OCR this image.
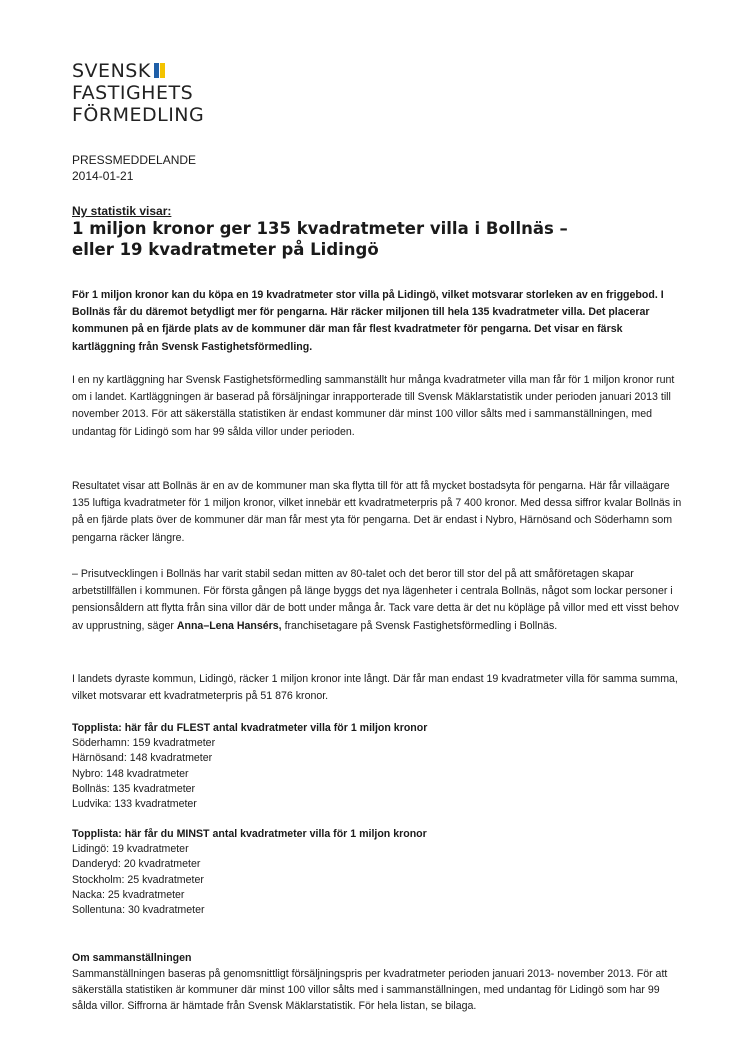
SVENSK
FASTIGHETS
FÖRMEDLING
PRESSMEDDELANDE
2014-01-21
Ny statistik visar:
1 miljon kronor ger 135 kvadratmeter villa i Bollnäs –
eller 19 kvadratmeter på Lidingö

För 1 miljon kronor kan du köpa en 19 kvadratmeter stor villa på Lidingö, vilket motsvarar storleken av en friggebod. I Bollnäs får du däremot betydligt mer för pengarna. Här räcker miljonen till hela 135 kvadratmeter villa. Det placerar kommunen på en fjärde plats av de kommuner där man får flest kvadratmeter för pengarna. Det visar en färsk kartläggning från Svensk Fastighetsförmedling.

I en ny kartläggning har Svensk Fastighetsförmedling sammanställt hur många kvadratmeter villa man får för 1 miljon kronor runt om i landet. Kartläggningen är baserad på försäljningar inrapporterade till Svensk Mäklarstatistik under perioden januari 2013 till november 2013. För att säkerställa statistiken är endast kommuner där minst 100 villor sålts med i sammanställningen, med undantag för Lidingö som har 99 sålda villor under perioden.

Resultatet visar att Bollnäs är en av de kommuner man ska flytta till för att få mycket bostadsyta för pengarna. Här får villaägare 135 luftiga kvadratmeter för 1 miljon kronor, vilket innebär ett kvadratmeterpris på 7 400 kronor. Med dessa siffror kvalar Bollnäs in på en fjärde plats över de kommuner där man får mest yta för pengarna. Det är endast i Nybro, Härnösand och Söderhamn som pengarna räcker längre.

– Prisutvecklingen i Bollnäs har varit stabil sedan mitten av 80-talet och det beror till stor del på att småföretagen skapar arbetstillfällen i kommunen. För första gången på länge byggs det nya lägenheter i centrala Bollnäs, något som lockar personer i pensionsåldern att flytta från sina villor där de bott under många år. Tack vare detta är det nu köpläge på villor med ett visst behov av upprustning, säger Anna–Lena Hansérs, franchisetagare på Svensk Fastighetsförmedling i Bollnäs.

I landets dyraste kommun, Lidingö, räcker 1 miljon kronor inte långt. Där får man endast 19 kvadratmeter villa för samma summa, vilket motsvarar ett kvadratmeterpris på 51 876 kronor.

Topplista: här får du FLEST antal kvadratmeter villa för 1 miljon kronor
Söderhamn: 159 kvadratmeter
Härnösand: 148 kvadratmeter
Nybro: 148 kvadratmeter
Bollnäs: 135 kvadratmeter
Ludvika: 133 kvadratmeter
Topplista: här får du MINST antal kvadratmeter villa för 1 miljon kronor
Lidingö: 19 kvadratmeter
Danderyd: 20 kvadratmeter
Stockholm: 25 kvadratmeter
Nacka: 25 kvadratmeter
Sollentuna: 30 kvadratmeter
Om sammanställningen
Sammanställningen baseras på genomsnittligt försäljningspris per kvadratmeter perioden januari 2013- november 2013. För att säkerställa statistiken är kommuner där minst 100 villor sålts med i sammanställningen, med undantag för Lidingö som har 99 sålda villor. Siffrorna är hämtade från Svensk Mäklarstatistik. För hela listan, se bilaga.
